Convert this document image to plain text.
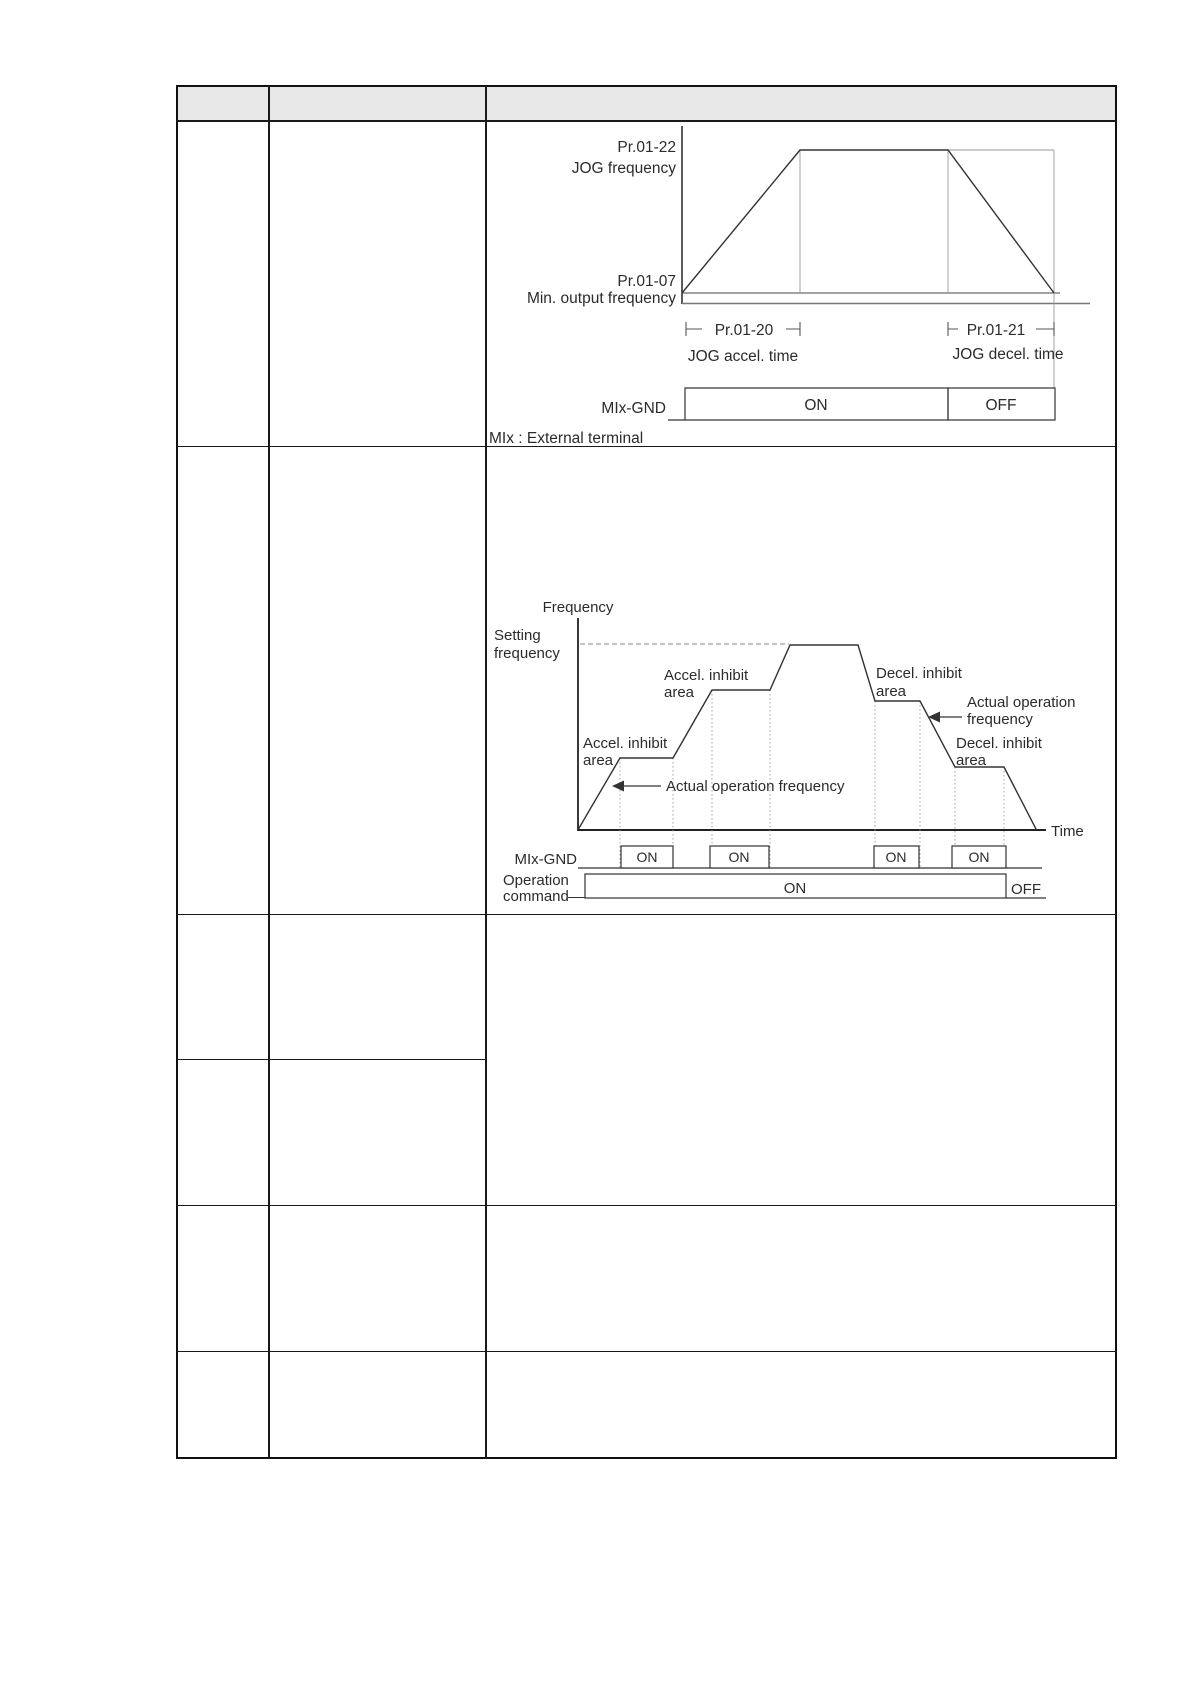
Pr.01-22
JOG frequency
Pr.01-07
Min. output frequency
Pr.01-20
JOG accel. time
Pr.01-21
JOG decel. time
MIx-GND	ON	OFF
MIx : External terminal
Frequency
Setting
frequency
Time
Accel. inhibit
area
Accel. inhibit
area
Decel. inhibit
area
Decel. inhibit
area
Actual operation
frequency
Actual operation frequency
MIx-GND	ON	ON	ON	ON
Operation
command	ON	OFF
